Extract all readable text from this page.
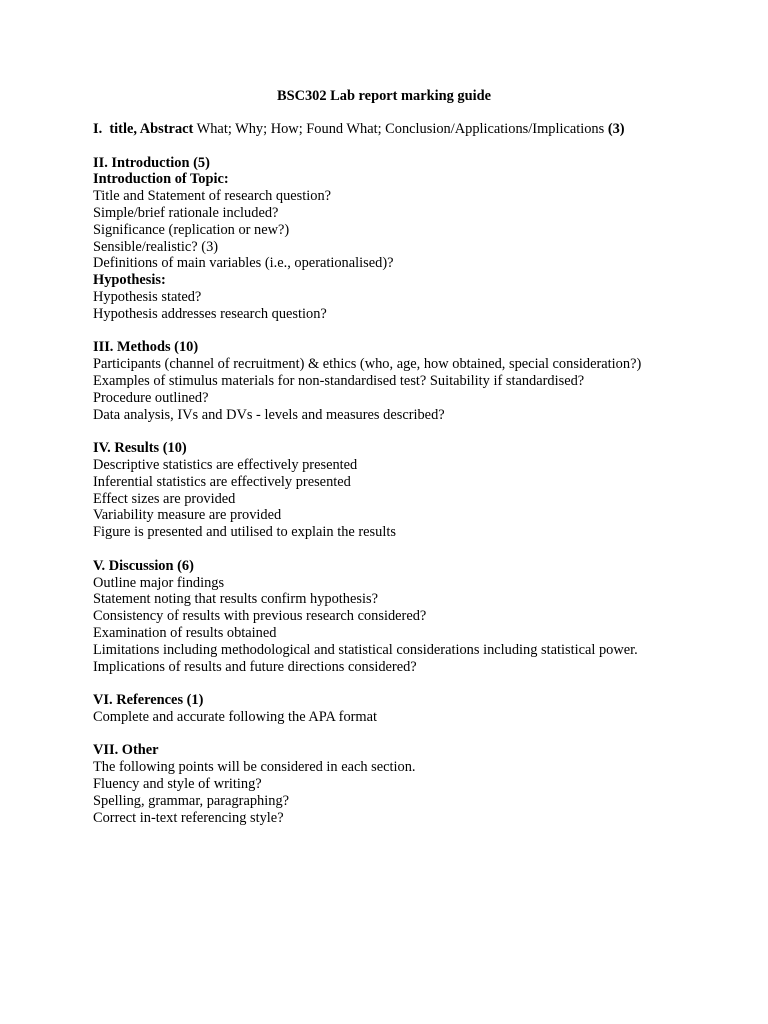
BSC302 Lab report marking guide
I.  title, Abstract What; Why; How; Found What; Conclusion/Applications/Implications (3)
II. Introduction (5)
Introduction of Topic:
Title and Statement of research question?
Simple/brief rationale included?
Significance (replication or new?)
Sensible/realistic? (3)
Definitions of main variables (i.e., operationalised)?
Hypothesis:
Hypothesis stated?
Hypothesis addresses research question?
III. Methods (10)
Participants (channel of recruitment) & ethics (who, age, how obtained, special consideration?)
Examples of stimulus materials for non-standardised test? Suitability if standardised?
Procedure outlined?
Data analysis, IVs and DVs - levels and measures described?
IV. Results (10)
Descriptive statistics are effectively presented
Inferential statistics are effectively presented
Effect sizes are provided
Variability measure are provided
Figure is presented and utilised to explain the results
V. Discussion (6)
Outline major findings
Statement noting that results confirm hypothesis?
Consistency of results with previous research considered?
Examination of results obtained
Limitations including methodological and statistical considerations including statistical power.
Implications of results and future directions considered?
VI. References (1)
Complete and accurate following the APA format
VII. Other
The following points will be considered in each section.
Fluency and style of writing?
Spelling, grammar, paragraphing?
Correct in-text referencing style?
